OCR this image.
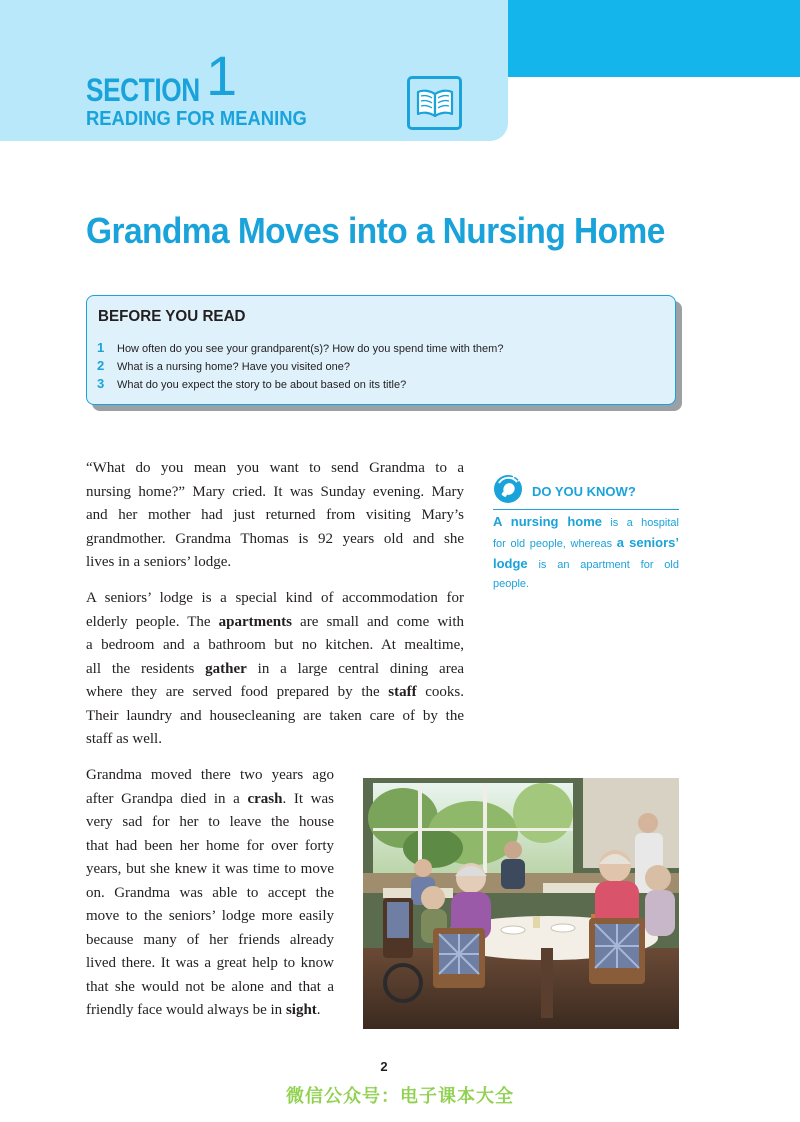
SECTION 1
READING FOR MEANING
Grandma Moves into a Nursing Home
BEFORE YOU READ
1 How often do you see your grandparent(s)? How do you spend time with them?
2 What is a nursing home? Have you visited one?
3 What do you expect the story to be about based on its title?
“What do you mean you want to send Grandma to a
nursing home?” Mary cried. It was Sunday evening. Mary
and her mother had just returned from visiting Mary’s
grandmother. Grandma Thomas is 92 years old and she
lives in a seniors’ lodge.
A seniors’ lodge is a special kind of accommodation for
elderly people. The apartments are small and come with
a bedroom and a bathroom but no kitchen. At mealtime,
all the residents gather in a large central dining area
where they are served food prepared by the staff cooks.
Their laundry and housecleaning are taken care of by the
staff as well.
Grandma moved there two years ago
after Grandpa died in a crash. It was
very sad for her to leave the house
that had been her home for over forty
years, but she knew it was time to move
on. Grandma was able to accept the
move to the seniors’ lodge more easily
because many of her friends already
lived there. It was a great help to know
that she would not be alone and that a
friendly face would always be in sight.
DO YOU KNOW?
A nursing home is a hospital
for old people, whereas a seniors’
lodge is an apartment for old
people.
2
微信公众号：电子课本大全
